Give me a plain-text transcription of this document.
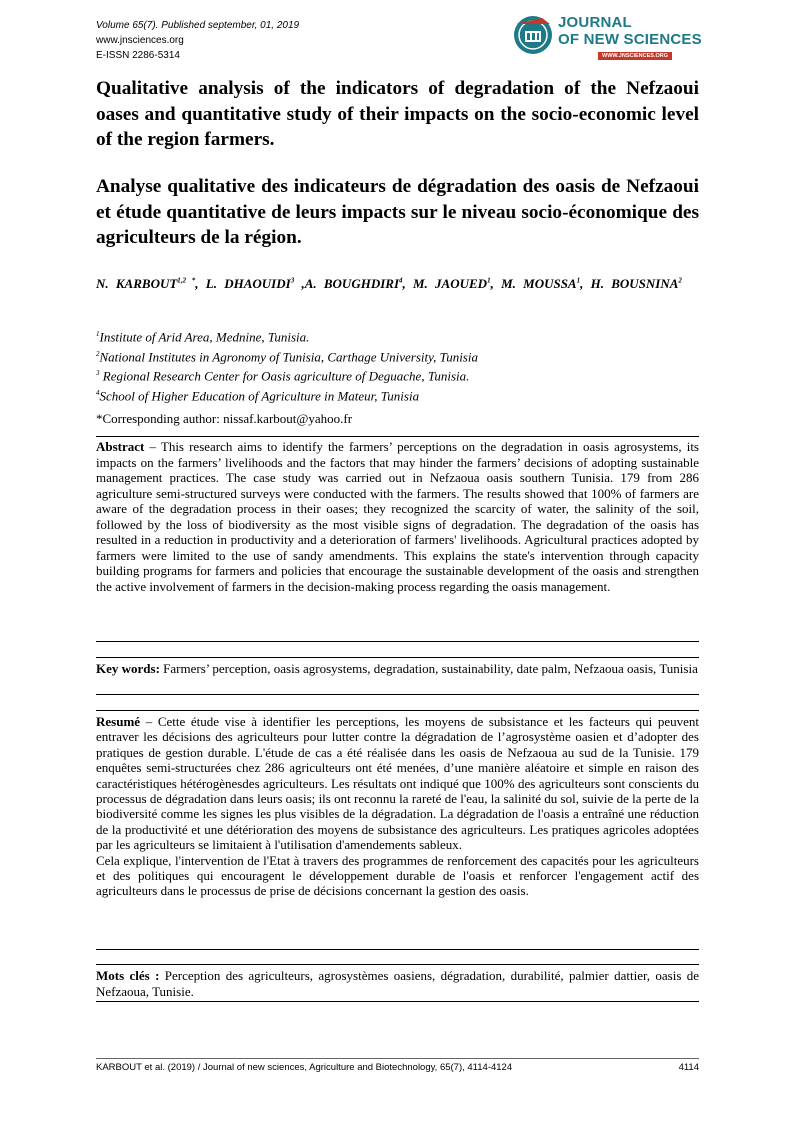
Volume 65(7). Published september, 01, 2019
www.jnsciences.org
E-ISSN 2286-5314
JOURNAL
OF NEW SCIENCES
WWW.JNSCIENCES.ORG
Qualitative analysis of the indicators of degradation of the Nefzaoui oases and quantitative study of their impacts on the socio-economic level of the region farmers.
Analyse qualitative des indicateurs de dégradation des oasis de Nefzaoui et étude quantitative de leurs impacts sur le niveau socio-économique des agriculteurs de la région.
N. $KARBOUT^{1,2 *}$, L. DHAOUIDI$^3$ ,A. BOUGHDIRI$^4$, M. JAOUED$^1$, M. MOUSSA$^1$, H. BOUSNINA$^2$
$^1$Institute of Arid Area, Mednine, Tunisia.
$^2$National Institutes in Agronomy of Tunisia, Carthage University, Tunisia
$^3$ Regional Research Center for Oasis agriculture of Deguache, Tunisia.
$^4$School of Higher Education of Agriculture in Mateur, Tunisia
*Corresponding author: nissaf.karbout@yahoo.fr
Abstract – This research aims to identify the farmers’ perceptions on the degradation in oasis agrosystems, its impacts on the farmers’ livelihoods and the factors that may hinder the farmers’ decisions of adopting sustainable management practices. The case study was carried out in Nefzaoua oasis southern Tunisia. 179 from 286 agriculture semi-structured surveys were conducted with the farmers. The results showed that 100% of farmers are aware of the degradation process in their oases; they recognized the scarcity of water, the salinity of the soil, followed by the loss of biodiversity as the most visible signs of degradation. The degradation of the oasis has resulted in a reduction in productivity and a deterioration of farmers' livelihoods. Agricultural practices adopted by farmers were limited to the use of sandy amendments. This explains the state's intervention through capacity building programs for farmers and policies that encourage the sustainable development of the oasis and strengthen the active involvement of farmers in the decision-making process regarding the oasis management.
Key words: Farmers’ perception, oasis agrosystems, degradation, sustainability, date palm, Nefzaoua oasis, Tunisia

Resumé – Cette étude vise à identifier les perceptions, les moyens de subsistance et les facteurs qui peuvent entraver les décisions des agriculteurs pour lutter contre la dégradation de l’agrosystème oasien et d’adopter des pratiques de gestion durable. L'étude de cas a été réalisée dans les oasis de Nefzaoua au sud de la Tunisie. 179 enquêtes semi-structurées chez 286 agriculteurs ont été menées, d’une manière aléatoire et simple en raison des caractéristiques hétérogènesdes agriculteurs. Les résultats ont indiqué que 100% des agriculteurs sont conscients du processus de dégradation dans leurs oasis; ils ont reconnu la rareté de l'eau, la salinité du sol, suivie de la perte de la biodiversité comme les signes les plus visibles de la dégradation. La dégradation de l'oasis a entraîné une réduction de la productivité et une détérioration des moyens de subsistance des agriculteurs. Les pratiques agricoles adoptées par les agriculteurs se limitaient à l'utilisation d'amendements sableux.

Cela explique, l'intervention de l'Etat à travers des programmes de renforcement des capacités pour les agriculteurs et des politiques qui encouragent le développement durable de l'oasis et renforcer l'engagement actif des agriculteurs dans le processus de prise de décisions concernant la gestion des oasis.

Mots clés : Perception des agriculteurs, agrosystèmes oasiens, dégradation, durabilité, palmier dattier, oasis de Nefzaoua, Tunisie.
KARBOUT et al. (2019) / Journal of new sciences, Agriculture and Biotechnology, 65(7), 4114-4124	4114
